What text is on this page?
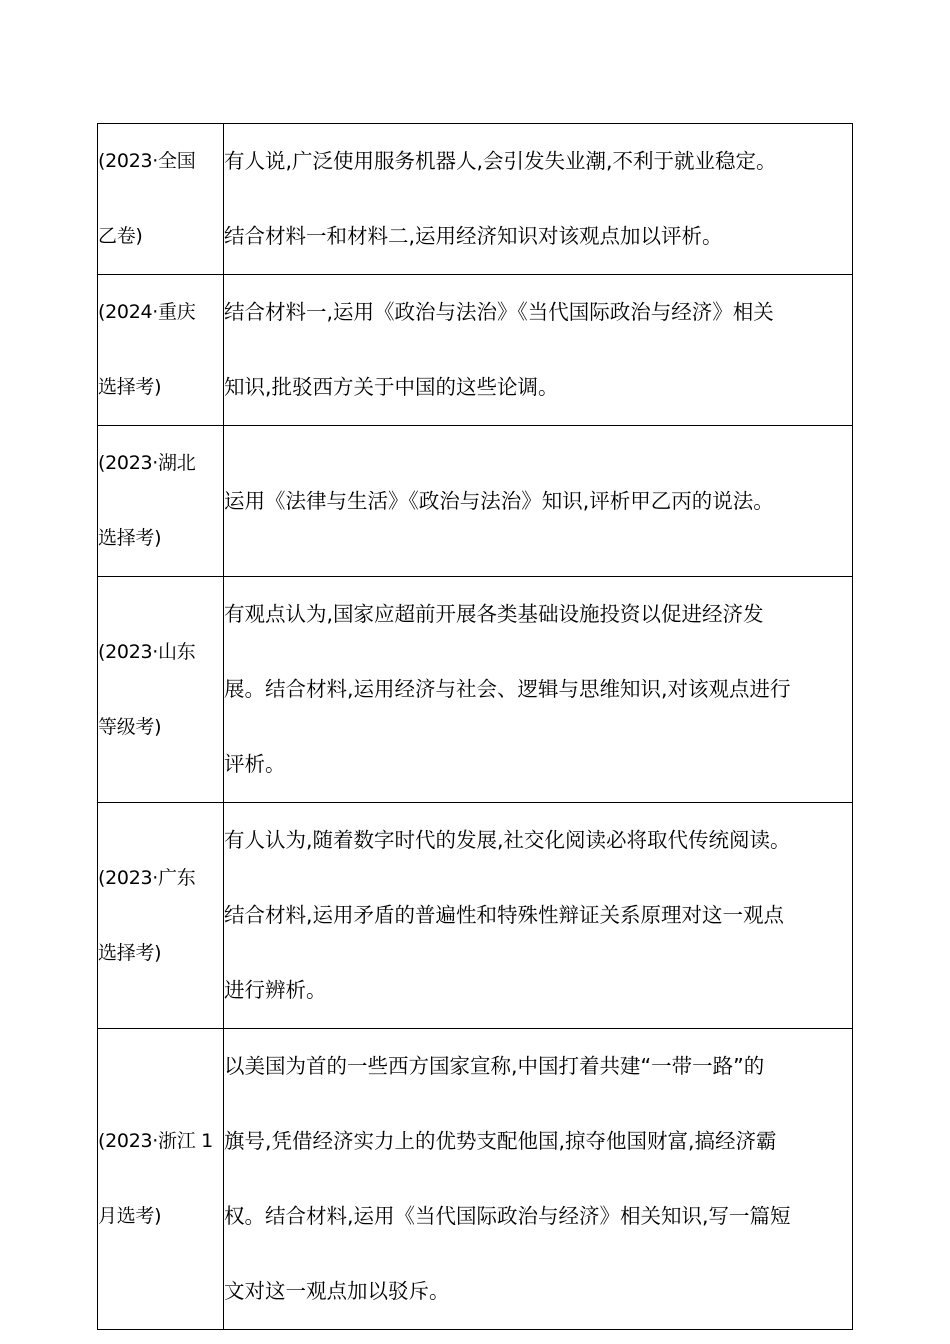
(2023·全国
乙卷)	有人说,广泛使用服务机器人,会引发失业潮,不利于就业稳定。
结合材料一和材料二,运用经济知识对该观点加以评析。

(2024·重庆
选择考)	结合材料一,运用《政治与法治》《当代国际政治与经济》相关
知识,批驳西方关于中国的这些论调。

(2023·湖北
选择考)	运用《法律与生活》《政治与法治》知识,评析甲乙丙的说法。

(2023·山东
等级考)	有观点认为,国家应超前开展各类基础设施投资以促进经济发
展。结合材料,运用经济与社会、逻辑与思维知识,对该观点进行
评析。

(2023·广东
选择考)	有人认为,随着数字时代的发展,社交化阅读必将取代传统阅读。
结合材料,运用矛盾的普遍性和特殊性辩证关系原理对这一观点
进行辨析。

(2023·浙江 1
月选考)	以美国为首的一些西方国家宣称,中国打着共建“一带一路”的
旗号,凭借经济实力上的优势支配他国,掠夺他国财富,搞经济霸
权。结合材料,运用《当代国际政治与经济》相关知识,写一篇短
文对这一观点加以驳斥。
